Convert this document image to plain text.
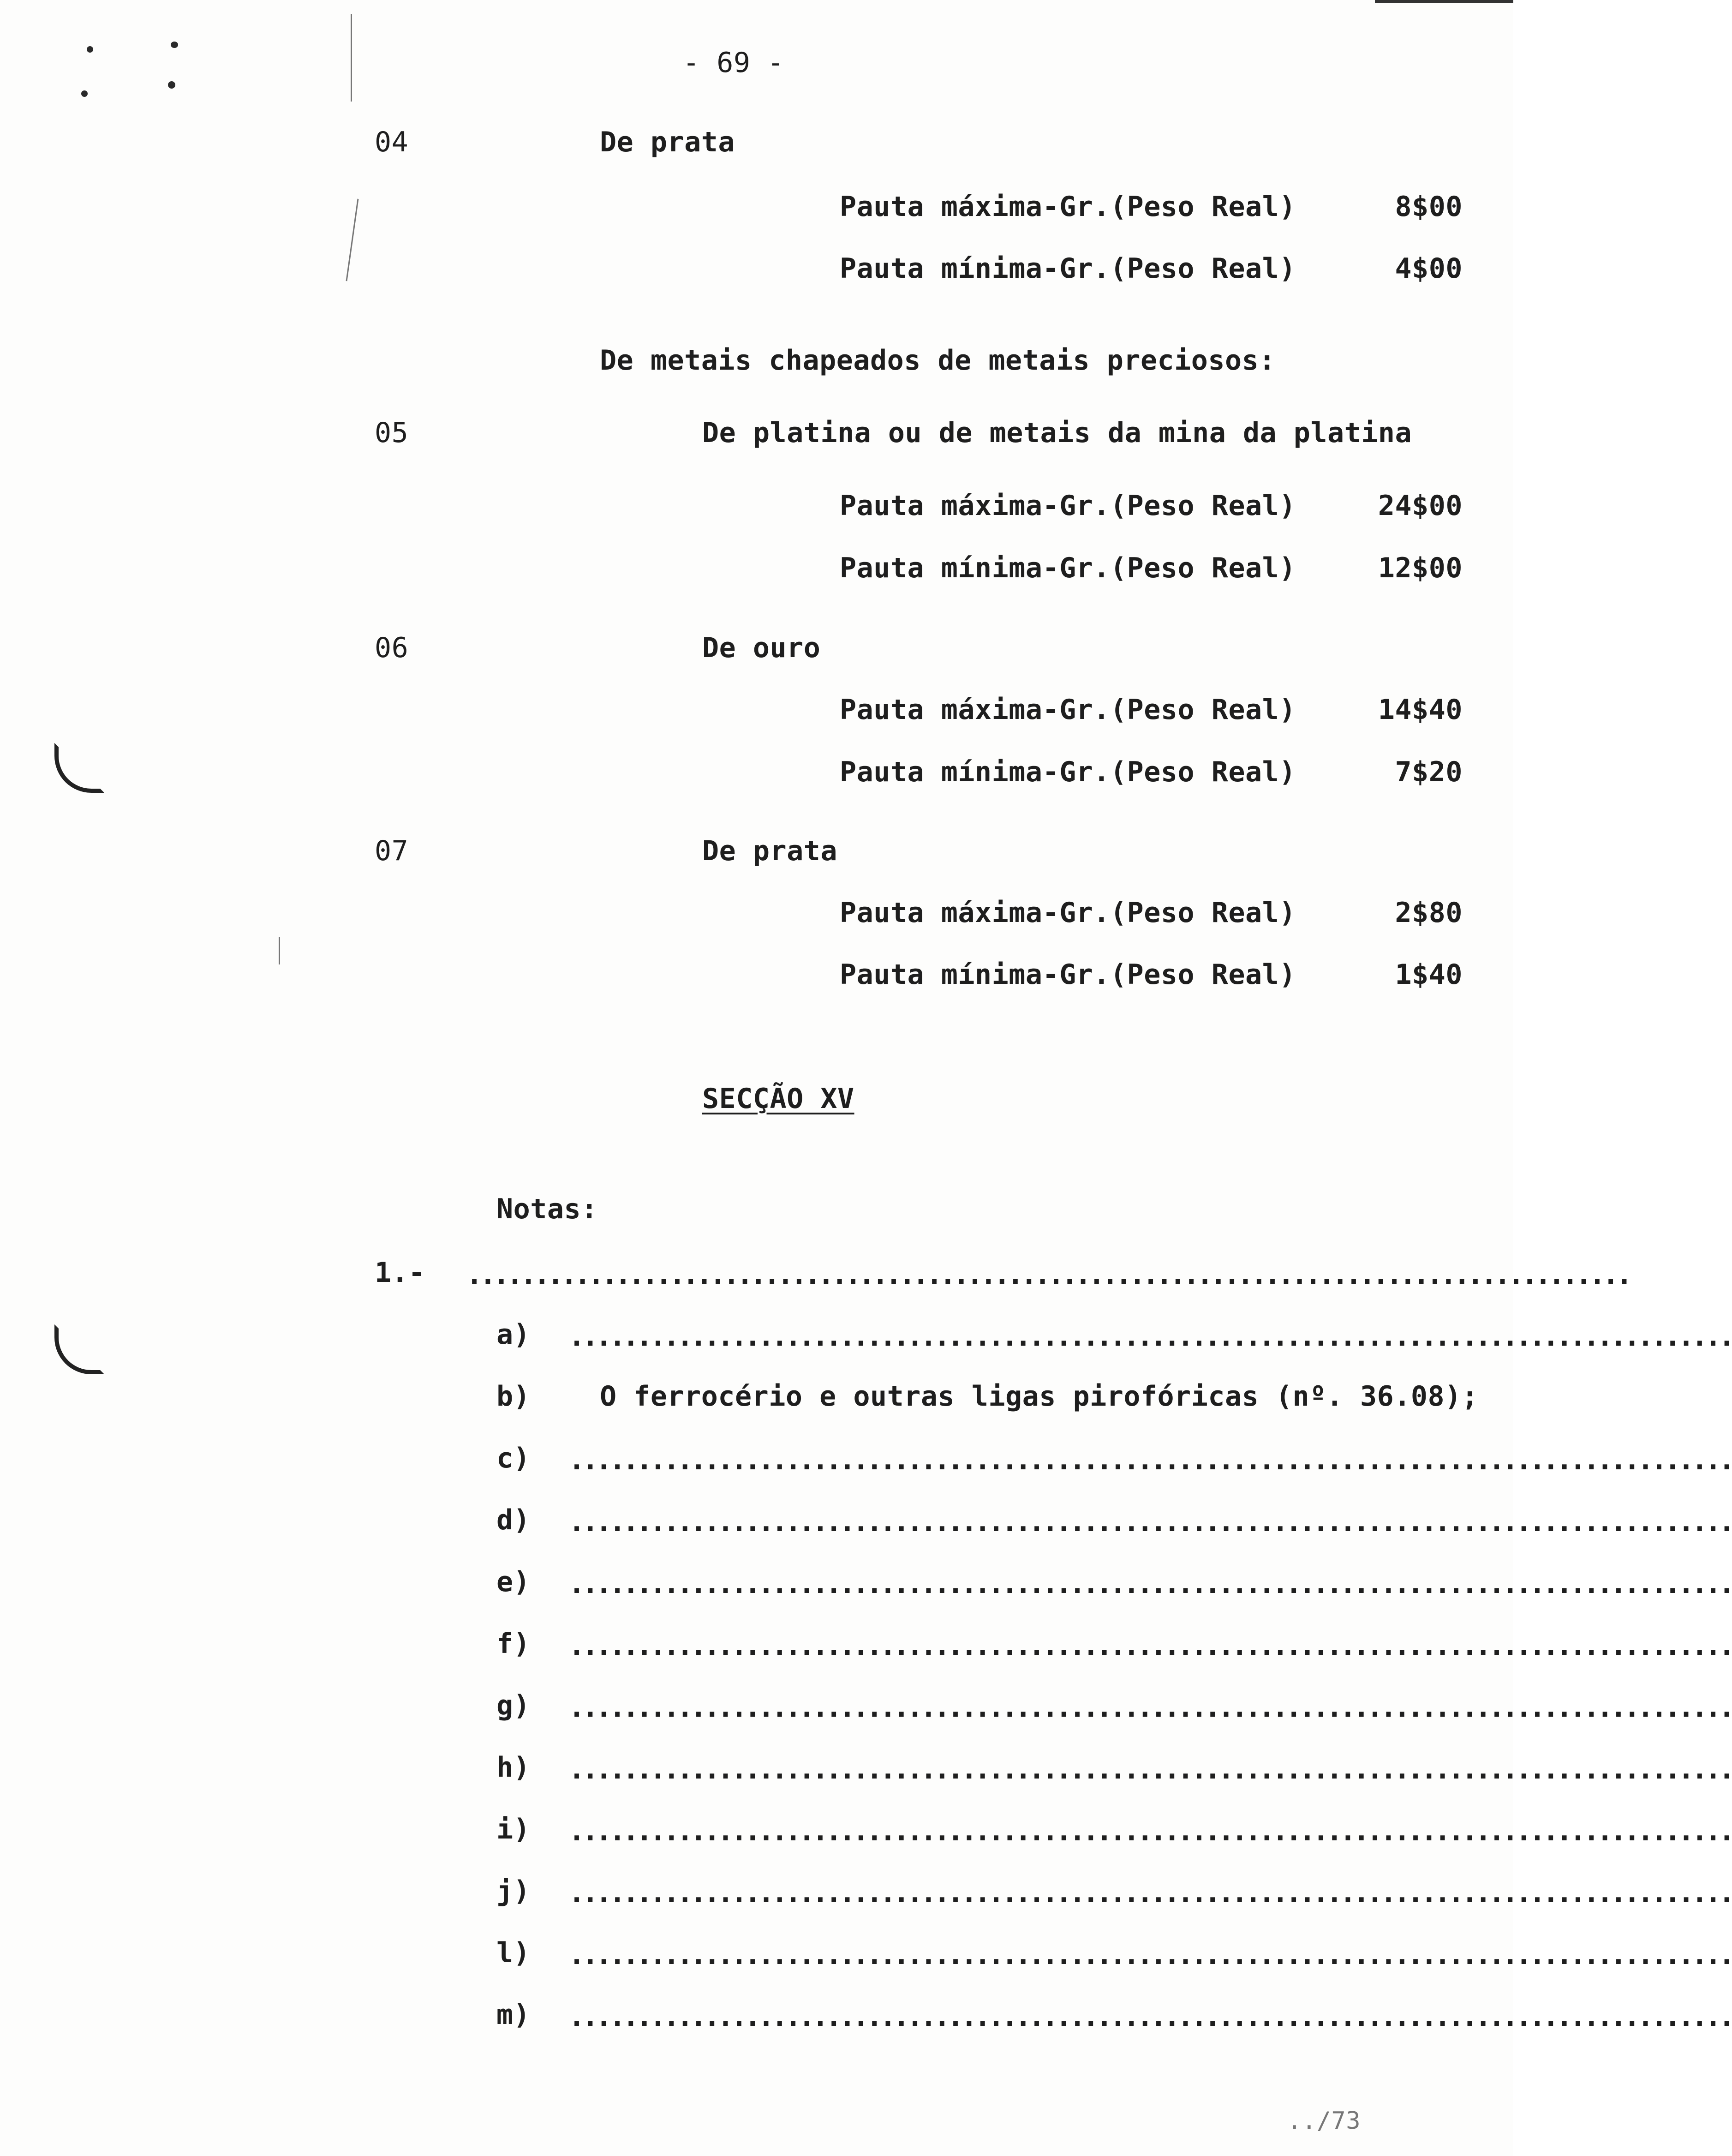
- 69 -
04	De prata
Pauta máxima-Gr.(Peso Real)	8$00
Pauta mínima-Gr.(Peso Real)	4$00
De metais chapeados de metais preciosos:
05	De platina ou de metais da mina da platina
Pauta máxima-Gr.(Peso Real)	24$00
Pauta mínima-Gr.(Peso Real)	12$00
06	De ouro
Pauta máxima-Gr.(Peso Real)	14$40
Pauta mínima-Gr.(Peso Real)	7$20
07	De prata
Pauta máxima-Gr.(Peso Real)	2$80
Pauta mínima-Gr.(Peso Real)	1$40
SECÇÃO XV
Notas:
1.- ......................................................................................
a) ......................................................................................
b)	O ferrocério e outras ligas pirofóricas (nº. 36.08);
c) ......................................................................................
d) ......................................................................................
e) ......................................................................................
f) ......................................................................................
g) ......................................................................................
h) ......................................................................................
i) ......................................................................................
j) ......................................................................................
l) ......................................................................................
m) ......................................................................................
../73
